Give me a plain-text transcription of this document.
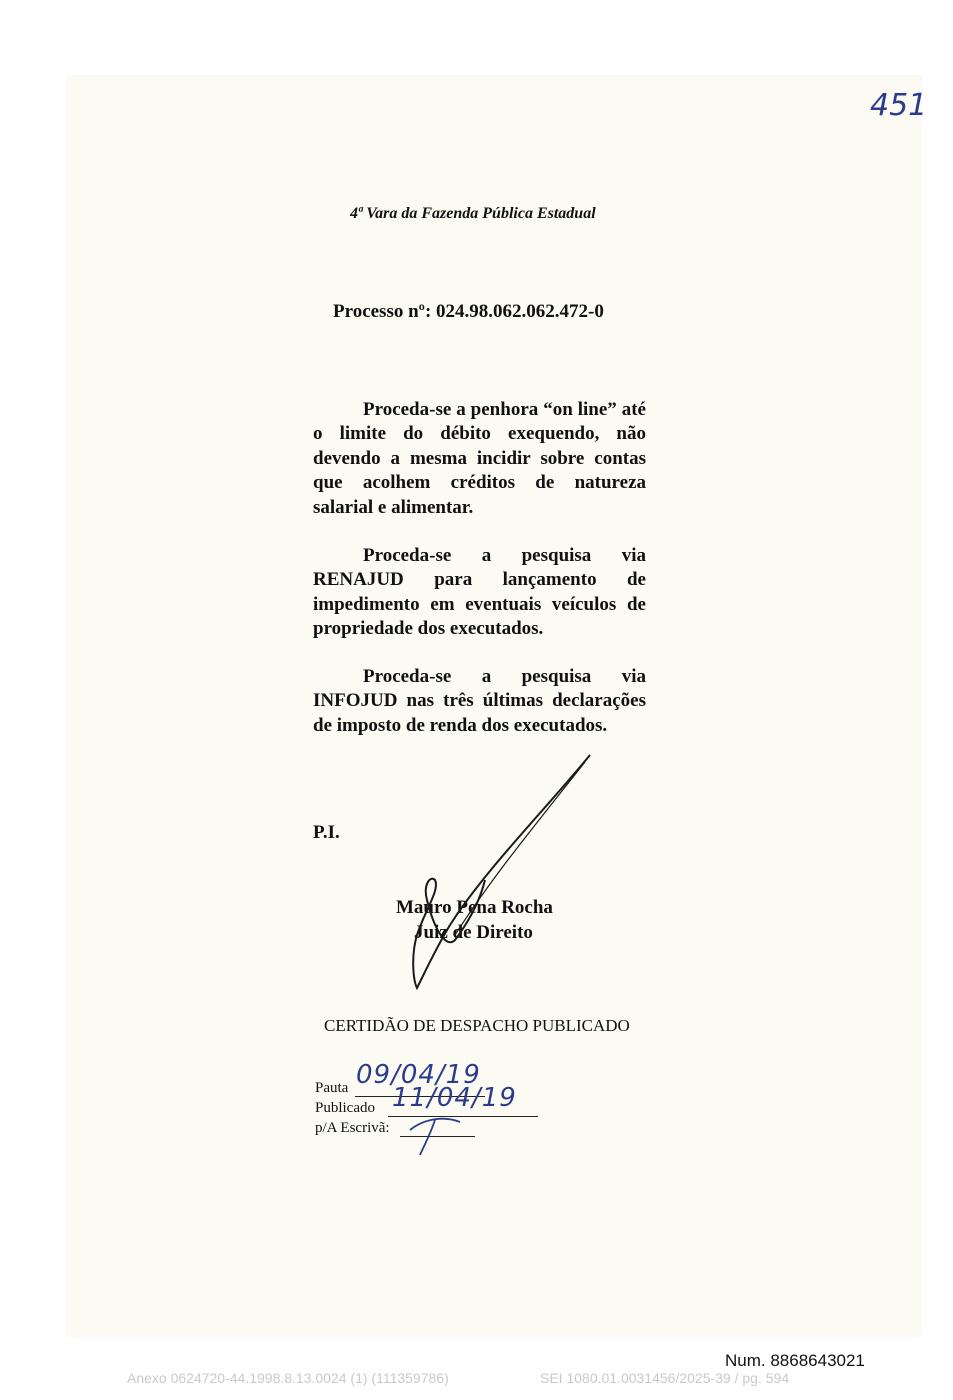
451
4ª Vara da Fazenda Pública Estadual
Processo nº: 024.98.062.062.472-0

Proceda-se a penhora “on line” até o limite do débito exequendo, não devendo a mesma incidir sobre contas que acolhem créditos de natureza salarial e alimentar.

Proceda-se a pesquisa via RENAJUD para lançamento de impedimento em eventuais veículos de propriedade dos executados.

Proceda-se a pesquisa via INFOJUD nas três últimas declarações de imposto de renda dos executados.

P.I.
Mauro Pena Rocha
Juiz de Direito
CERTIDÃO DE DESPACHO PUBLICADO
Pauta
Publicado
p/A Escrivã:
09/04/19
11/04/19
Num. 8868643021
Anexo 0624720-44.1998.8.13.0024 (1) (111359786)	SEI 1080.01.0031456/2025-39 / pg. 594
